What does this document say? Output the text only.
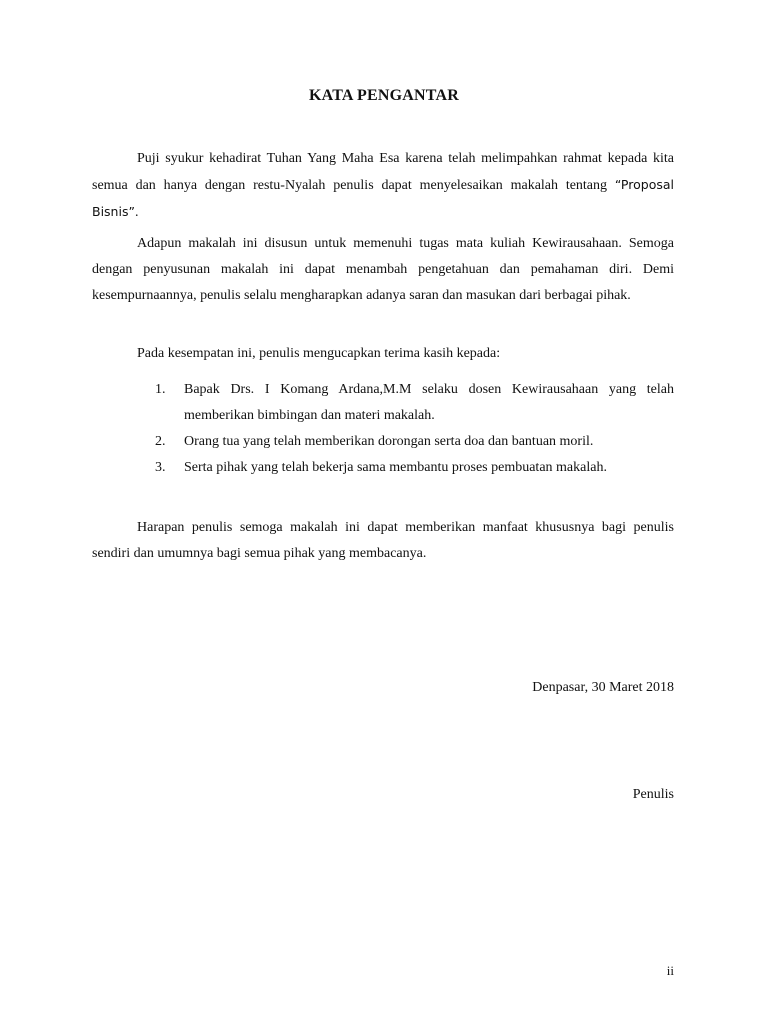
KATA PENGANTAR

Puji syukur kehadirat Tuhan Yang Maha Esa karena telah melimpahkan rahmat kepada kita semua dan hanya dengan restu-Nyalah penulis dapat menyelesaikan makalah tentang “Proposal Bisnis”.

Adapun makalah ini disusun untuk memenuhi tugas mata kuliah Kewirausahaan. Semoga dengan penyusunan makalah ini dapat menambah pengetahuan dan pemahaman diri. Demi kesempurnaannya, penulis selalu mengharapkan adanya saran dan masukan dari berbagai pihak.

Pada kesempatan ini, penulis mengucapkan terima kasih kepada:

1. Bapak Drs. I Komang Ardana,M.M selaku dosen Kewirausahaan yang telah memberikan bimbingan dan materi makalah.
2. Orang tua yang telah memberikan dorongan serta doa dan bantuan moril.
3. Serta pihak yang telah bekerja sama membantu proses pembuatan makalah.

Harapan penulis semoga makalah ini dapat memberikan manfaat khususnya bagi penulis sendiri dan umumnya bagi semua pihak yang membacanya.

Denpasar, 30 Maret 2018
Penulis
ii
